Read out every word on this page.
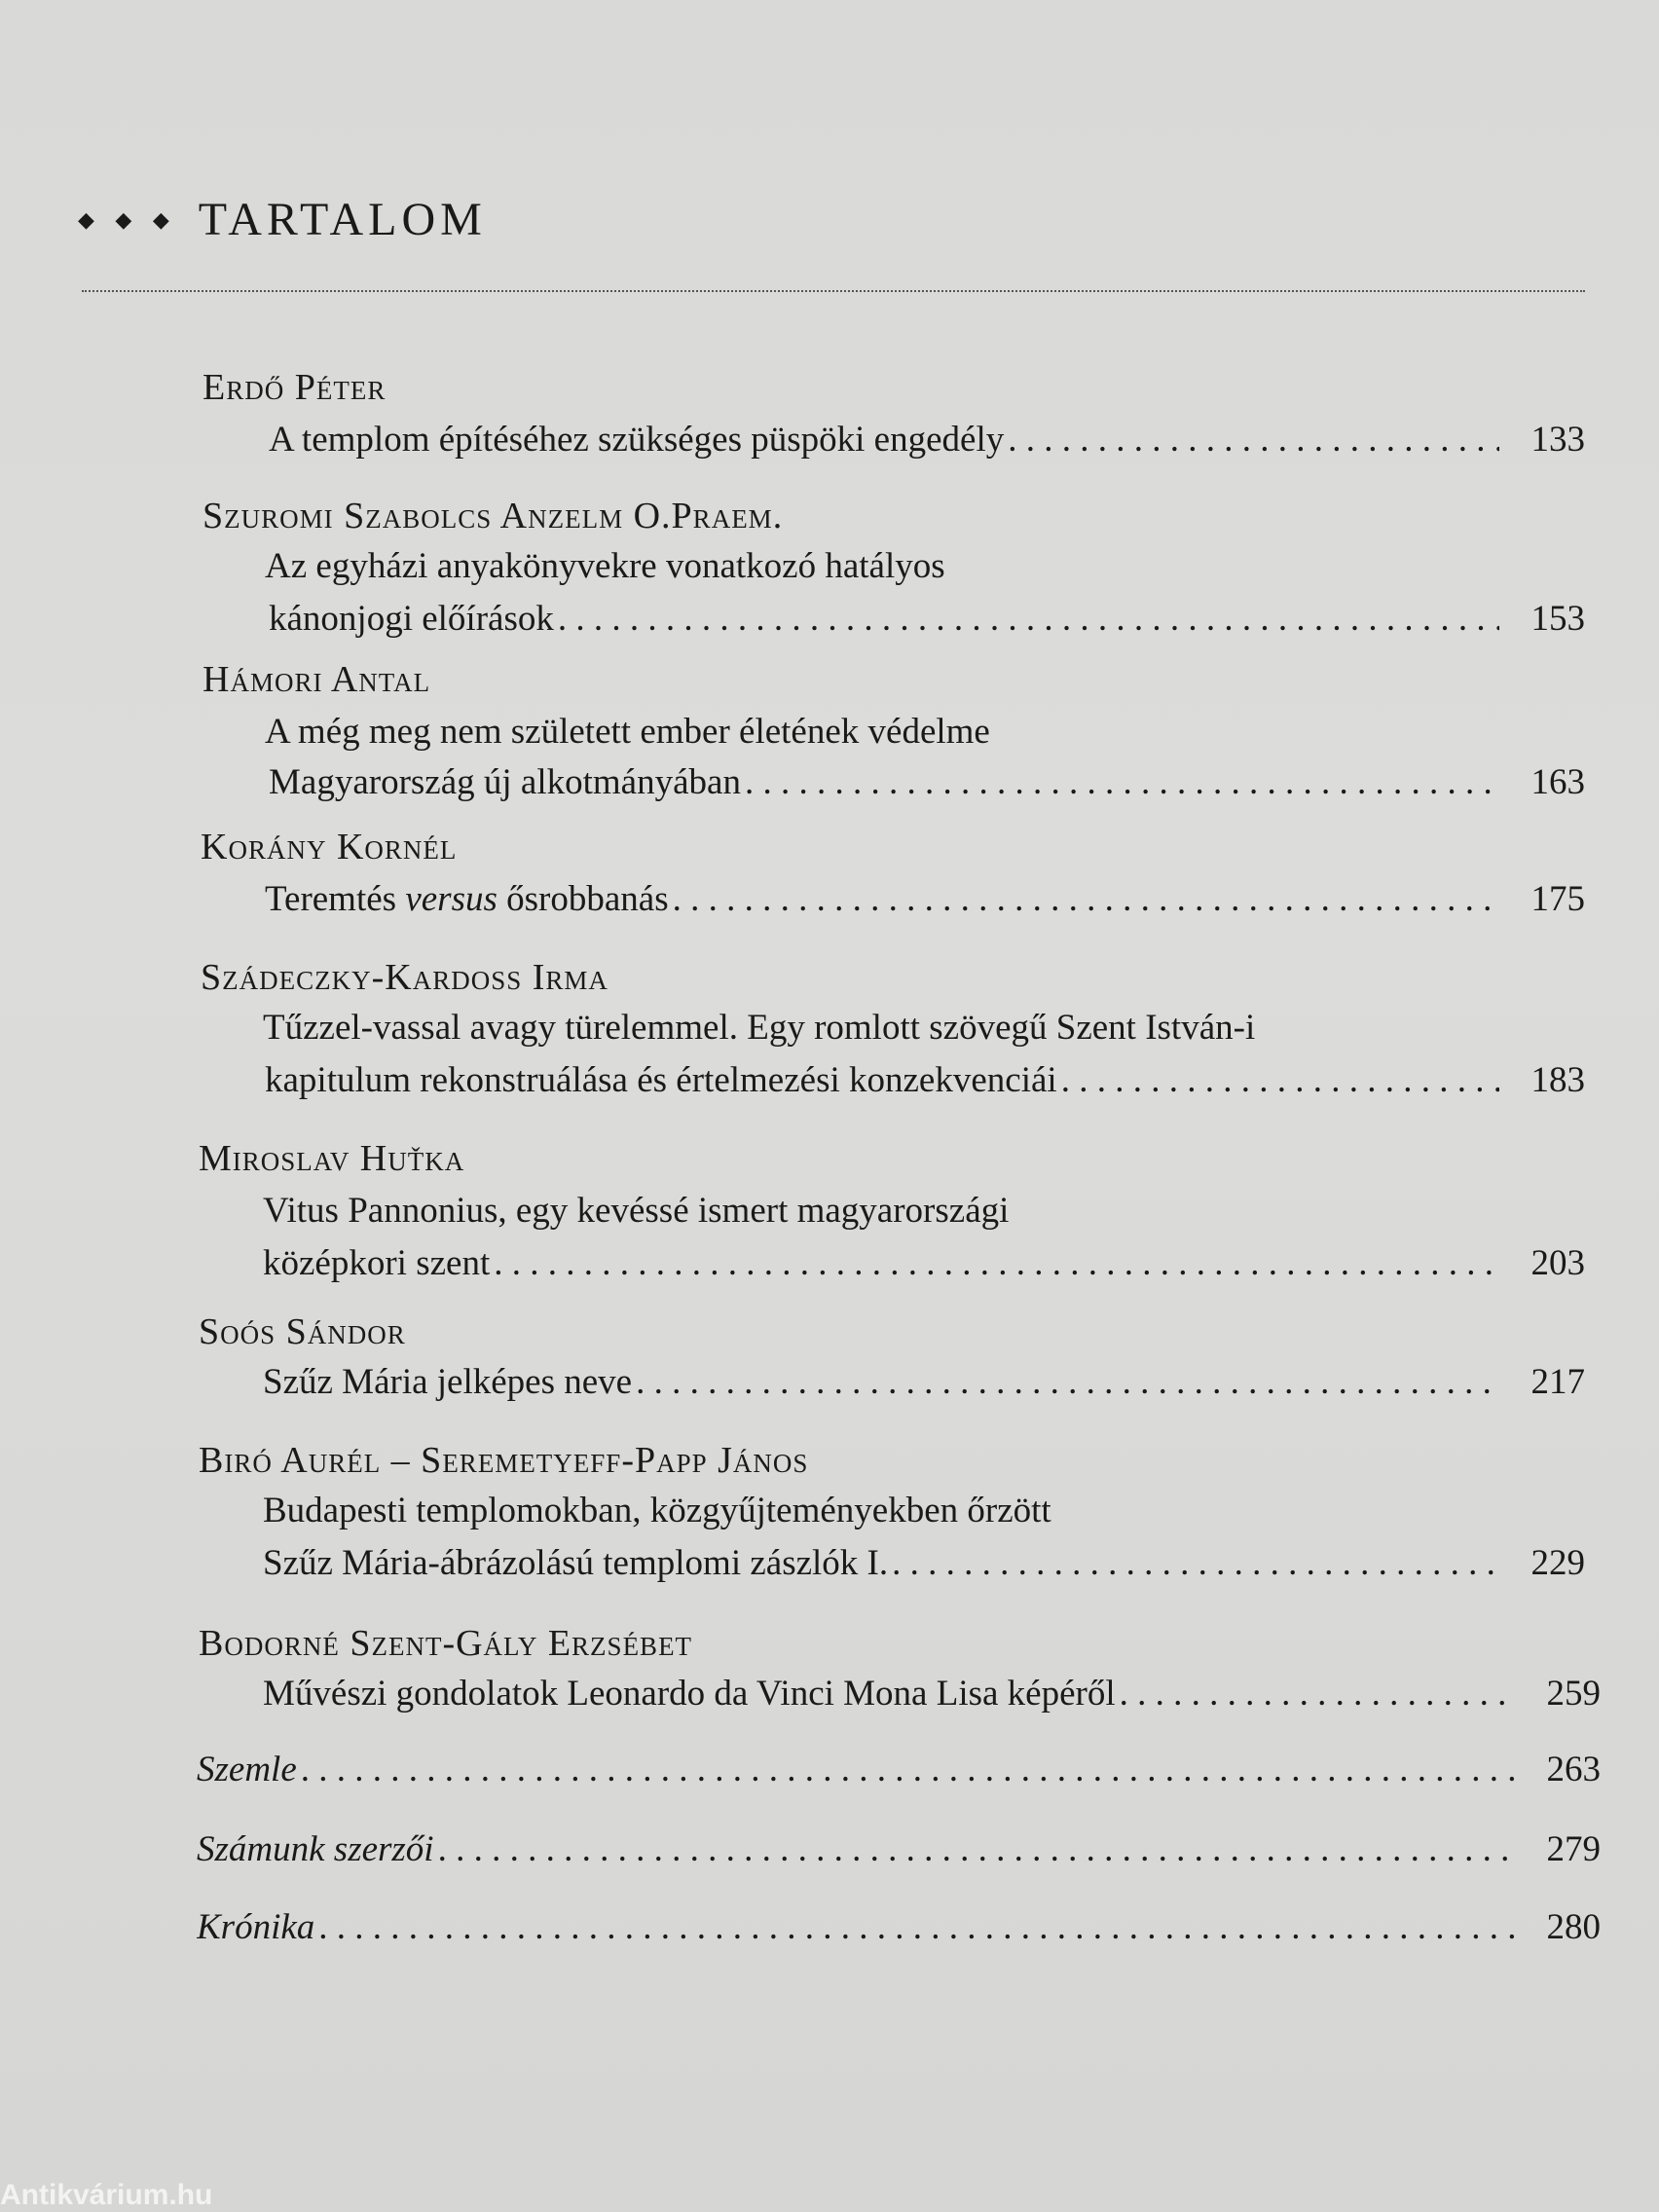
◆ ◆ ◆ TARTALOM
Erdő Péter
A templom építéséhez szükséges püspöki engedély . . .	133
Szuromi Szabolcs Anzelm O.Praem.
Az egyházi anyakönyvekre vonatkozó hatályos
kánonjogi előírások . . .	153
Hámori Antal
A még meg nem született ember életének védelme
Magyarország új alkotmányában . . .	163
Korány Kornél
Teremtés versus ősrobbanás . . .	175
Szádeczky-Kardoss Irma
Tűzzel-vassal avagy türelemmel. Egy romlott szövegű Szent István-i
kapitulum rekonstruálása és értelmezési konzekvenciái . . .	183
Miroslav Huťka
Vitus Pannonius, egy kevéssé ismert magyarországi
középkori szent . . .	203
Soós Sándor
Szűz Mária jelképes neve . . .	217
Biró Aurél – Seremetyeff-Papp János
Budapesti templomokban, közgyűjteményekben őrzött
Szűz Mária-ábrázolású templomi zászlók I. . . .	229
Bodorné Szent-Gály Erzsébet
Művészi gondolatok Leonardo da Vinci Mona Lisa képéről . . .	259
Szemle . . .	263
Számunk szerzői . . .	279
Krónika . . .	280
Antikvárium.hu
